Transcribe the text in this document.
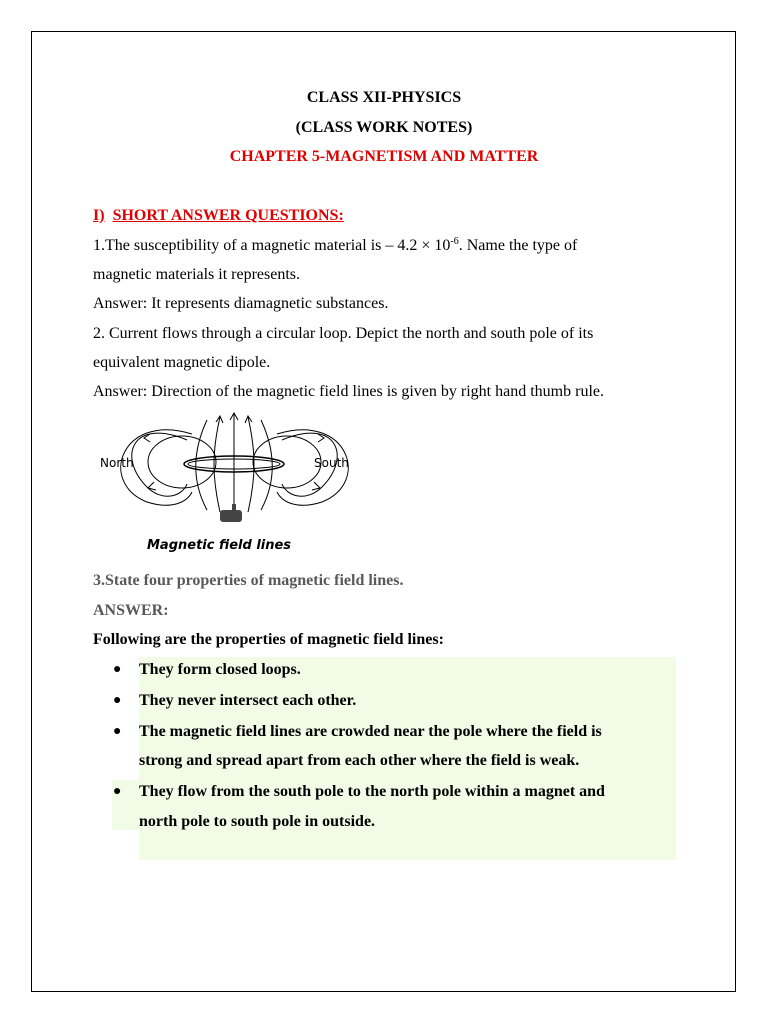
CLASS XII-PHYSICS
(CLASS WORK NOTES)
CHAPTER 5-MAGNETISM AND MATTER
I) SHORT ANSWER QUESTIONS:
1.The susceptibility of a magnetic material is – $4.2 \times 10^{-6}$. Name the type of
magnetic materials it represents.
Answer: It represents diamagnetic substances.
2. Current flows through a circular loop. Depict the north and south pole of its
equivalent magnetic dipole.
Answer: Direction of the magnetic field lines is given by right hand thumb rule.
North	South
Magnetic field lines
3.State four properties of magnetic field lines.
ANSWER:
Following are the properties of magnetic field lines:
● They form closed loops.
● They never intersect each other.
● The magnetic field lines are crowded near the pole where the field is
strong and spread apart from each other where the field is weak.
● They flow from the south pole to the north pole within a magnet and
north pole to south pole in outside.
